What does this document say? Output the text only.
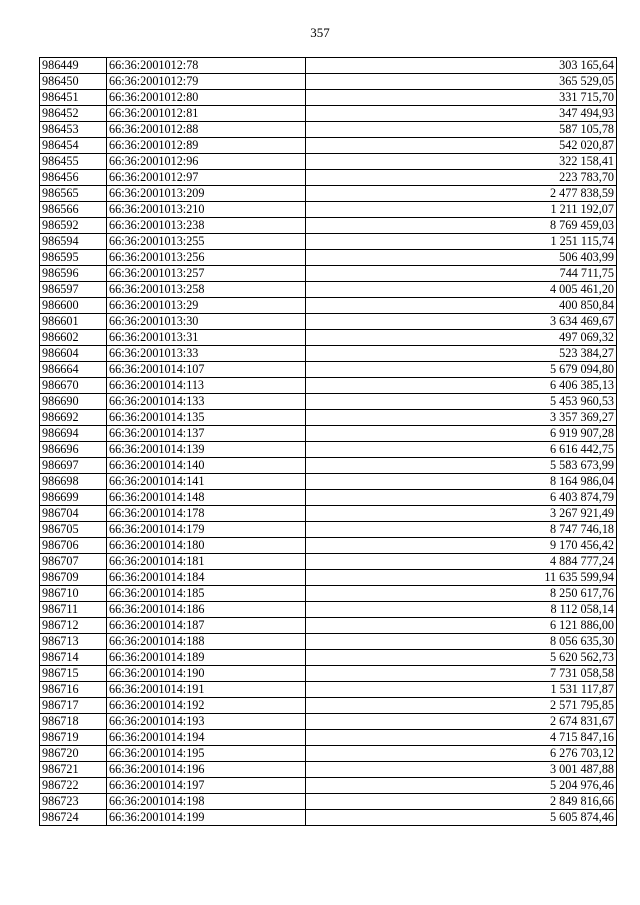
357
986449	66:36:2001012:78	303 165,64
986450	66:36:2001012:79	365 529,05
986451	66:36:2001012:80	331 715,70
986452	66:36:2001012:81	347 494,93
986453	66:36:2001012:88	587 105,78
986454	66:36:2001012:89	542 020,87
986455	66:36:2001012:96	322 158,41
986456	66:36:2001012:97	223 783,70
986565	66:36:2001013:209	2 477 838,59
986566	66:36:2001013:210	1 211 192,07
986592	66:36:2001013:238	8 769 459,03
986594	66:36:2001013:255	1 251 115,74
986595	66:36:2001013:256	506 403,99
986596	66:36:2001013:257	744 711,75
986597	66:36:2001013:258	4 005 461,20
986600	66:36:2001013:29	400 850,84
986601	66:36:2001013:30	3 634 469,67
986602	66:36:2001013:31	497 069,32
986604	66:36:2001013:33	523 384,27
986664	66:36:2001014:107	5 679 094,80
986670	66:36:2001014:113	6 406 385,13
986690	66:36:2001014:133	5 453 960,53
986692	66:36:2001014:135	3 357 369,27
986694	66:36:2001014:137	6 919 907,28
986696	66:36:2001014:139	6 616 442,75
986697	66:36:2001014:140	5 583 673,99
986698	66:36:2001014:141	8 164 986,04
986699	66:36:2001014:148	6 403 874,79
986704	66:36:2001014:178	3 267 921,49
986705	66:36:2001014:179	8 747 746,18
986706	66:36:2001014:180	9 170 456,42
986707	66:36:2001014:181	4 884 777,24
986709	66:36:2001014:184	11 635 599,94
986710	66:36:2001014:185	8 250 617,76
986711	66:36:2001014:186	8 112 058,14
986712	66:36:2001014:187	6 121 886,00
986713	66:36:2001014:188	8 056 635,30
986714	66:36:2001014:189	5 620 562,73
986715	66:36:2001014:190	7 731 058,58
986716	66:36:2001014:191	1 531 117,87
986717	66:36:2001014:192	2 571 795,85
986718	66:36:2001014:193	2 674 831,67
986719	66:36:2001014:194	4 715 847,16
986720	66:36:2001014:195	6 276 703,12
986721	66:36:2001014:196	3 001 487,88
986722	66:36:2001014:197	5 204 976,46
986723	66:36:2001014:198	2 849 816,66
986724	66:36:2001014:199	5 605 874,46
